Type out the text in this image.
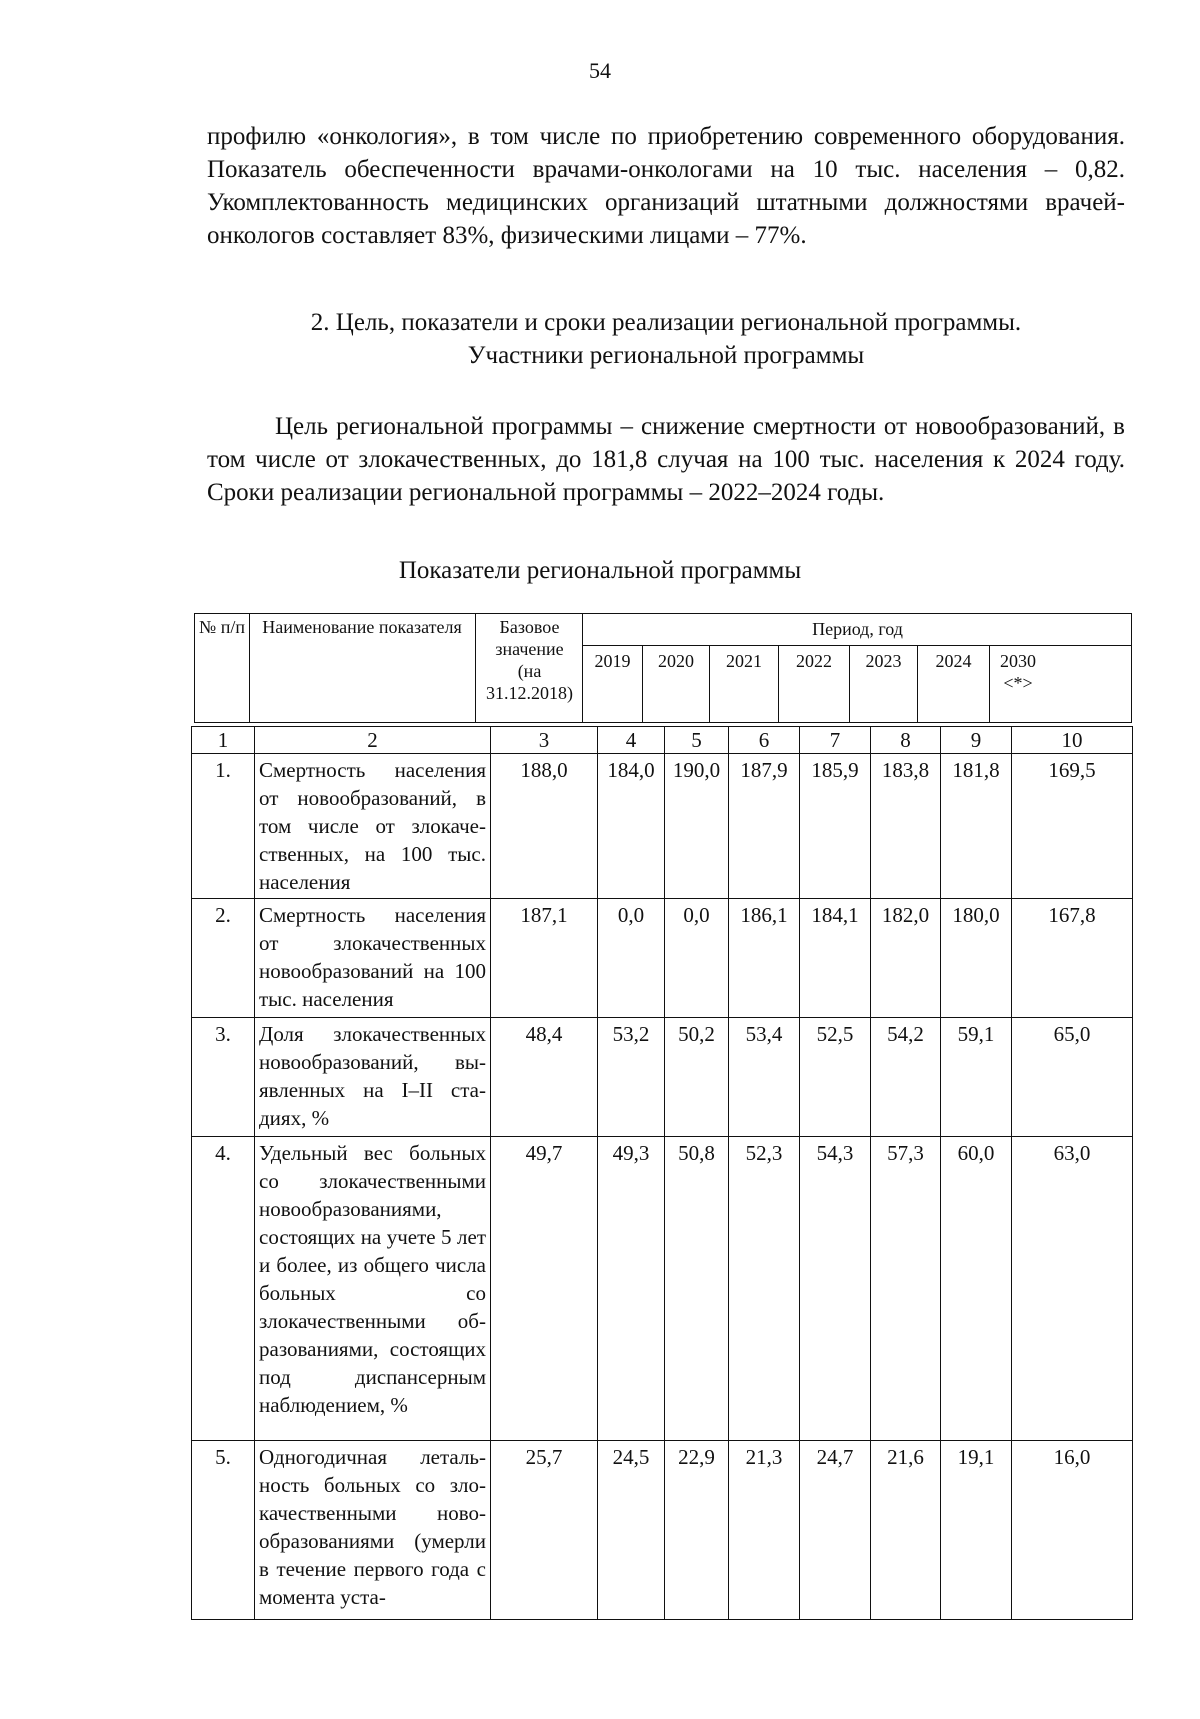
54

профилю «онкология», в том числе по приобретению современного оборудования. Показатель обеспеченности врачами-онкологами на 10 тыс. населения – 0,82. Укомплектованность медицинских организаций штатными должностями врачей-онкологов составляет 83%, физическими лицами – 77%.

2. Цель, показатели и сроки реализации региональной программы.
Участники региональной программы

Цель региональной программы – снижение смертности от новообразований, в том числе от злокачественных, до 181,8 случая на 100 тыс. населения к 2024 году. Сроки реализации региональной программы – 2022–2024 годы.

Показатели региональной программы
№ п/п Наименование показателя	Базовое значение (на 31.12.2018)
Период, год
2019	2020	2021	2022	2023	2024	2030 <*>
1	2	3	4	5	6	7	8	9	10
1.	Смертность населения от новообразований, в том числе от злокачественных, на 100 тыс. населения	188,0	184,0	190,0	187,9	185,9	183,8	181,8	169,5
2.	Смертность населения от злокачественных новообразований на 100 тыс. населения	187,1	0,0	0,0	186,1	184,1	182,0	180,0	167,8
3.	Доля злокачественных новообразований, выявленных на I–II стадиях, %	48,4	53,2	50,2	53,4	52,5	54,2	59,1	65,0
4.	Удельный вес больных со злокачественными новообразованиями, состоящих на учете 5 лет и более, из общего числа больных со злокачественными образованиями, состоящих под диспансерным наблюдением, %	49,7	49,3	50,8	52,3	54,3	57,3	60,0	63,0
5.	Одногодичная летальность больных со злокачественными новообразованиями (умерли в течение первого года с момента уста-	25,7	24,5	22,9	21,3	24,7	21,6	19,1	16,0
